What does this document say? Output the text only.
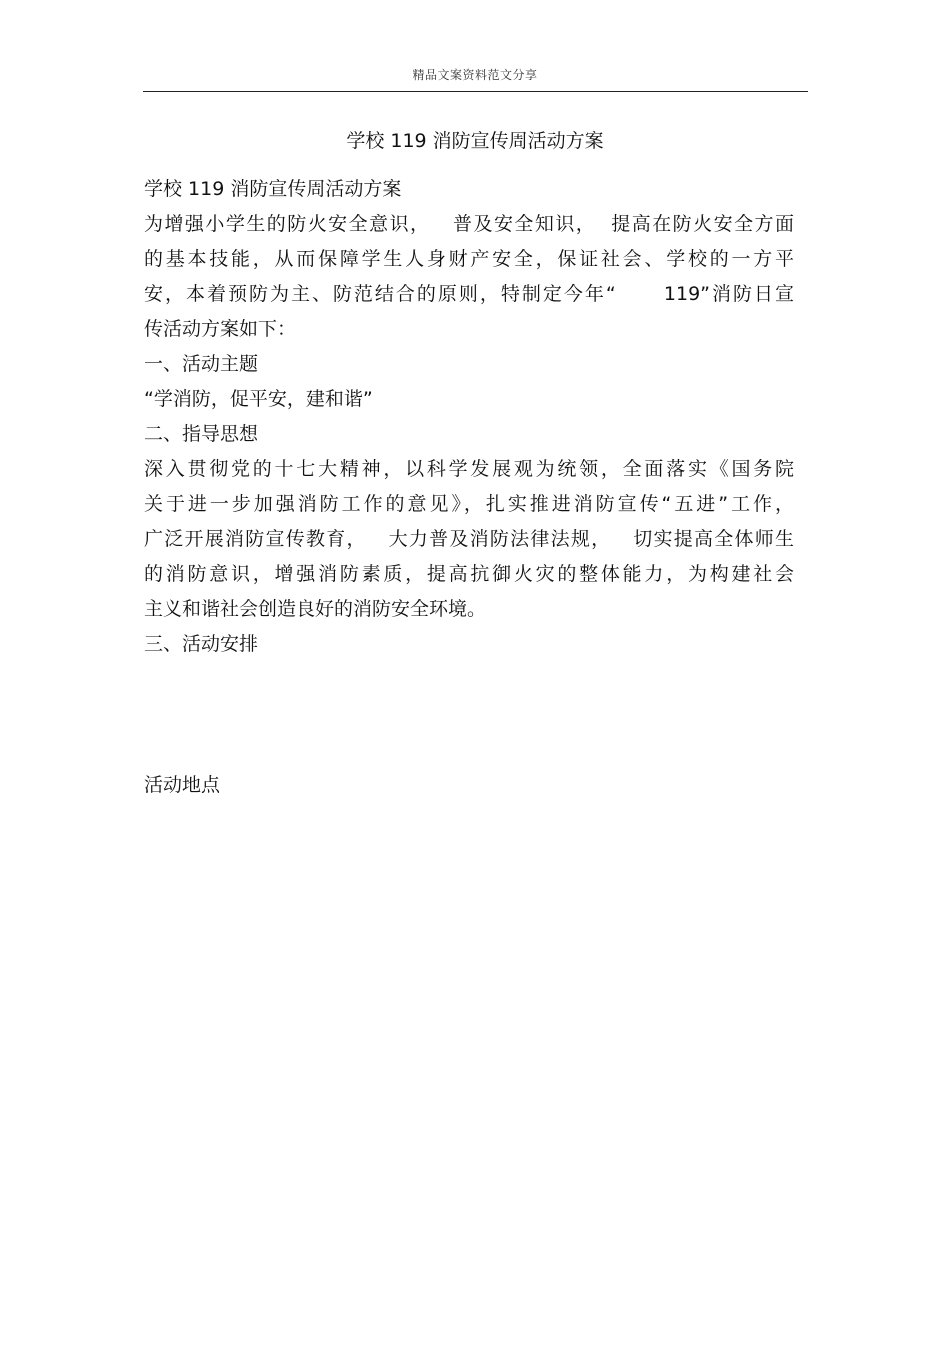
精品文案资料范文分享
学校 119 消防宣传周活动方案
学校 119 消防宣传周活动方案
为增强小学生的防火安全意识，   普及安全知识，  提高在防火安全方面
的基本技能，从而保障学生人身财产安全，保证社会、学校的一方平
安，本着预防为主、防范结合的原则，特制定今年“      119”消防日宣
传活动方案如下：
一、活动主题
“学消防，促平安，建和谐”
二、指导思想
深入贯彻党的十七大精神，以科学发展观为统领，全面落实《国务院
关于进一步加强消防工作的意见》，扎实推进消防宣传“五进”工作，
广泛开展消防宣传教育，   大力普及消防法律法规，   切实提高全体师生
的消防意识，增强消防素质，提高抗御火灾的整体能力，为构建社会
主义和谐社会创造良好的消防安全环境。
三、活动安排
活动地点
